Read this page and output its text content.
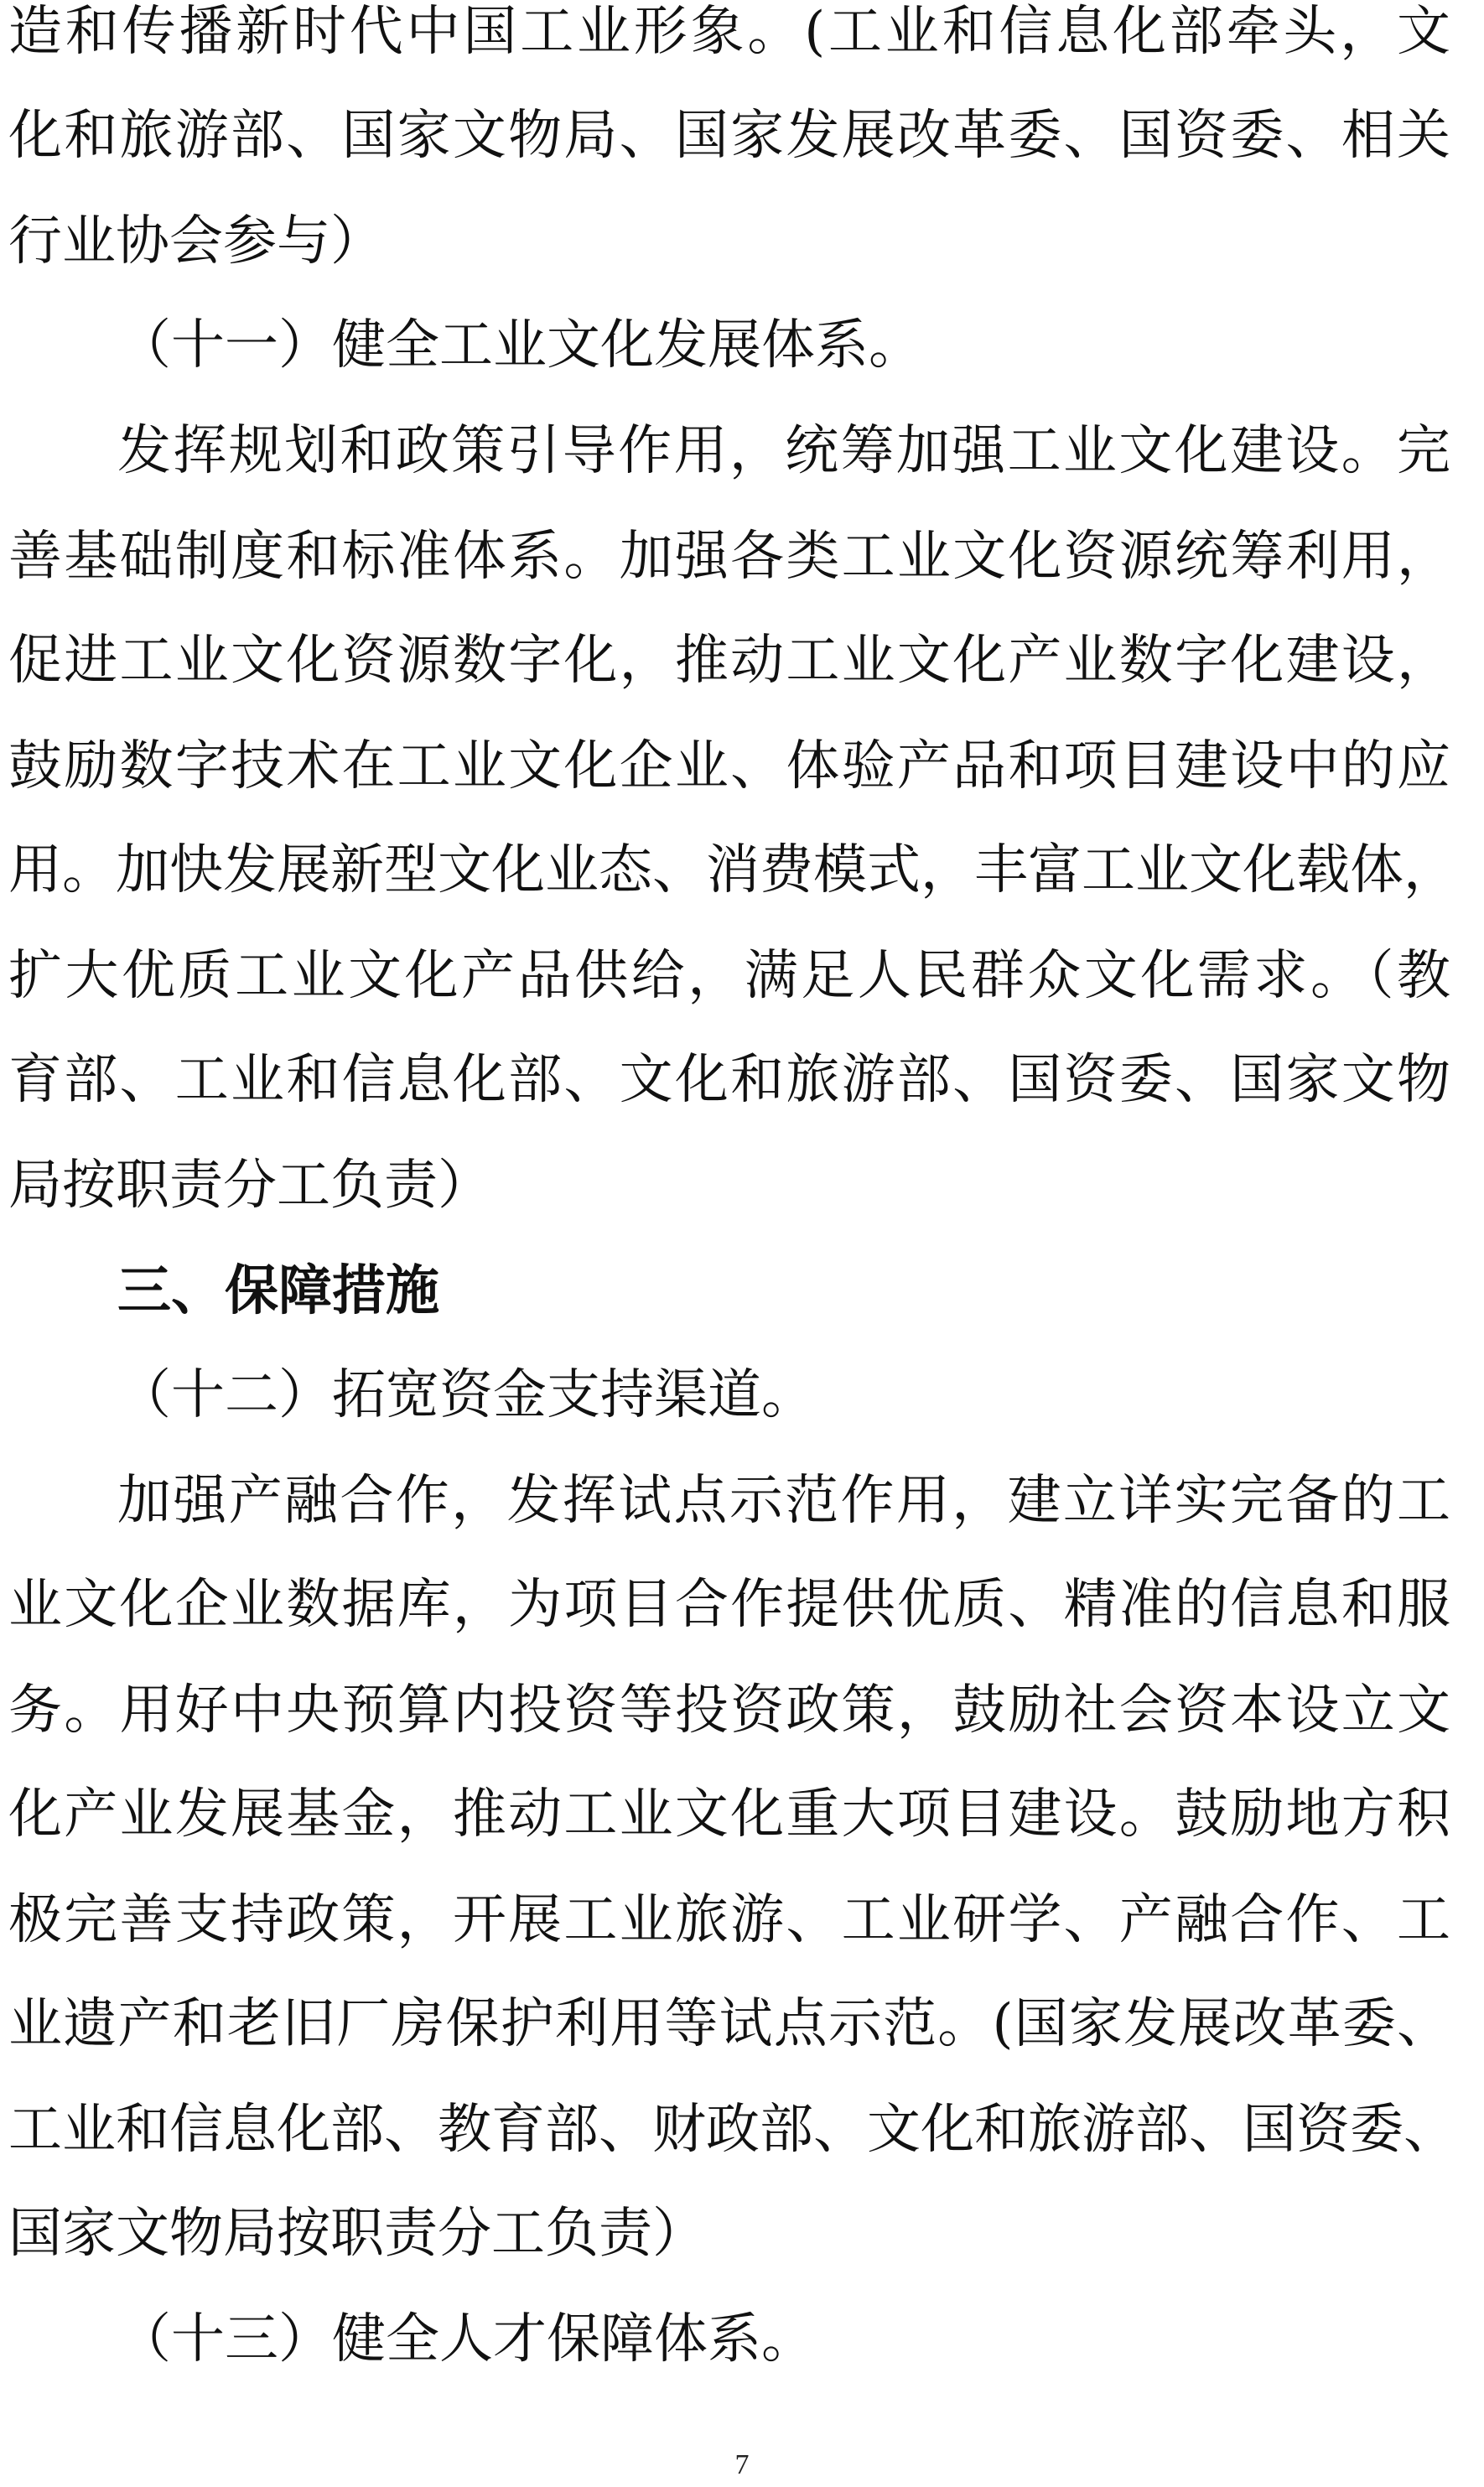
造和传播新时代中国工业形象。(工业和信息化部牵头，文
化和旅游部、国家文物局、国家发展改革委、国资委、相关
行业协会参与）
（十一）健全工业文化发展体系。
发挥规划和政策引导作用，统筹加强工业文化建设。完
善基础制度和标准体系。加强各类工业文化资源统筹利用，
促进工业文化资源数字化，推动工业文化产业数字化建设，
鼓励数字技术在工业文化企业、体验产品和项目建设中的应
用。加快发展新型文化业态、消费模式，丰富工业文化载体，
扩大优质工业文化产品供给，满足人民群众文化需求。（教
育部、工业和信息化部、文化和旅游部、国资委、国家文物
局按职责分工负责）
三、保障措施
（十二）拓宽资金支持渠道。
加强产融合作，发挥试点示范作用，建立详实完备的工
业文化企业数据库，为项目合作提供优质、精准的信息和服
务。用好中央预算内投资等投资政策，鼓励社会资本设立文
化产业发展基金，推动工业文化重大项目建设。鼓励地方积
极完善支持政策，开展工业旅游、工业研学、产融合作、工
业遗产和老旧厂房保护利用等试点示范。(国家发展改革委、
工业和信息化部、教育部、财政部、文化和旅游部、国资委、
国家文物局按职责分工负责）
（十三）健全人才保障体系。
7
